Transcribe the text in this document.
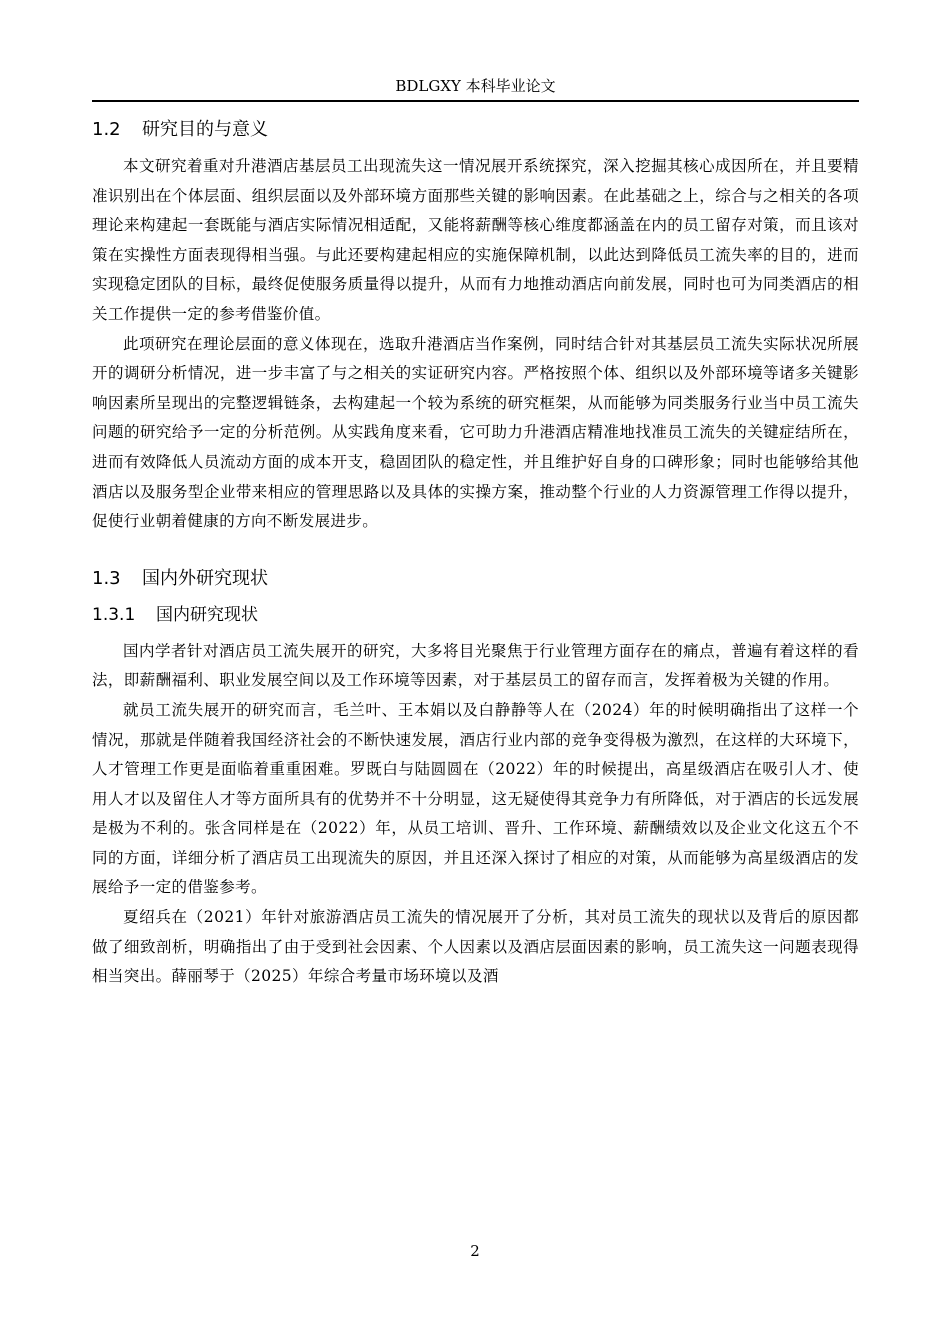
BDLGXY 本科毕业论文
1.2 研究目的与意义

本文研究着重对升港酒店基层员工出现流失这一情况展开系统探究，深入挖掘其核心成因所在，并且要精准识别出在个体层面、组织层面以及外部环境方面那些关键的影响因素。在此基础之上，综合与之相关的各项理论来构建起一套既能与酒店实际情况相适配，又能将薪酬等核心维度都涵盖在内的员工留存对策，而且该对策在实操性方面表现得相当强。与此还要构建起相应的实施保障机制，以此达到降低员工流失率的目的，进而实现稳定团队的目标，最终促使服务质量得以提升，从而有力地推动酒店向前发展，同时也可为同类酒店的相关工作提供一定的参考借鉴价值。

此项研究在理论层面的意义体现在，选取升港酒店当作案例，同时结合针对其基层员工流失实际状况所展开的调研分析情况，进一步丰富了与之相关的实证研究内容。严格按照个体、组织以及外部环境等诸多关键影响因素所呈现出的完整逻辑链条，去构建起一个较为系统的研究框架，从而能够为同类服务行业当中员工流失问题的研究给予一定的分析范例。从实践角度来看，它可助力升港酒店精准地找准员工流失的关键症结所在，进而有效降低人员流动方面的成本开支，稳固团队的稳定性，并且维护好自身的口碑形象；同时也能够给其他酒店以及服务型企业带来相应的管理思路以及具体的实操方案，推动整个行业的人力资源管理工作得以提升，促使行业朝着健康的方向不断发展进步。

1.3 国内外研究现状
1.3.1 国内研究现状

国内学者针对酒店员工流失展开的研究，大多将目光聚焦于行业管理方面存在的痛点，普遍有着这样的看法，即薪酬福利、职业发展空间以及工作环境等因素，对于基层员工的留存而言，发挥着极为关键的作用。

就员工流失展开的研究而言，毛兰叶、王本娟以及白静静等人在（2024）年的时候明确指出了这样一个情况，那就是伴随着我国经济社会的不断快速发展，酒店行业内部的竞争变得极为激烈，在这样的大环境下，人才管理工作更是面临着重重困难。罗既白与陆圆圆在（2022）年的时候提出，高星级酒店在吸引人才、使用人才以及留住人才等方面所具有的优势并不十分明显，这无疑使得其竞争力有所降低，对于酒店的长远发展是极为不利的。张含同样是在（2022）年，从员工培训、晋升、工作环境、薪酬绩效以及企业文化这五个不同的方面，详细分析了酒店员工出现流失的原因，并且还深入探讨了相应的对策，从而能够为高星级酒店的发展给予一定的借鉴参考。

夏绍兵在（2021）年针对旅游酒店员工流失的情况展开了分析，其对员工流失的现状以及背后的原因都做了细致剖析，明确指出了由于受到社会因素、个人因素以及酒店层面因素的影响，员工流失这一问题表现得相当突出。薛丽琴于（2025）年综合考量市场环境以及酒

2
